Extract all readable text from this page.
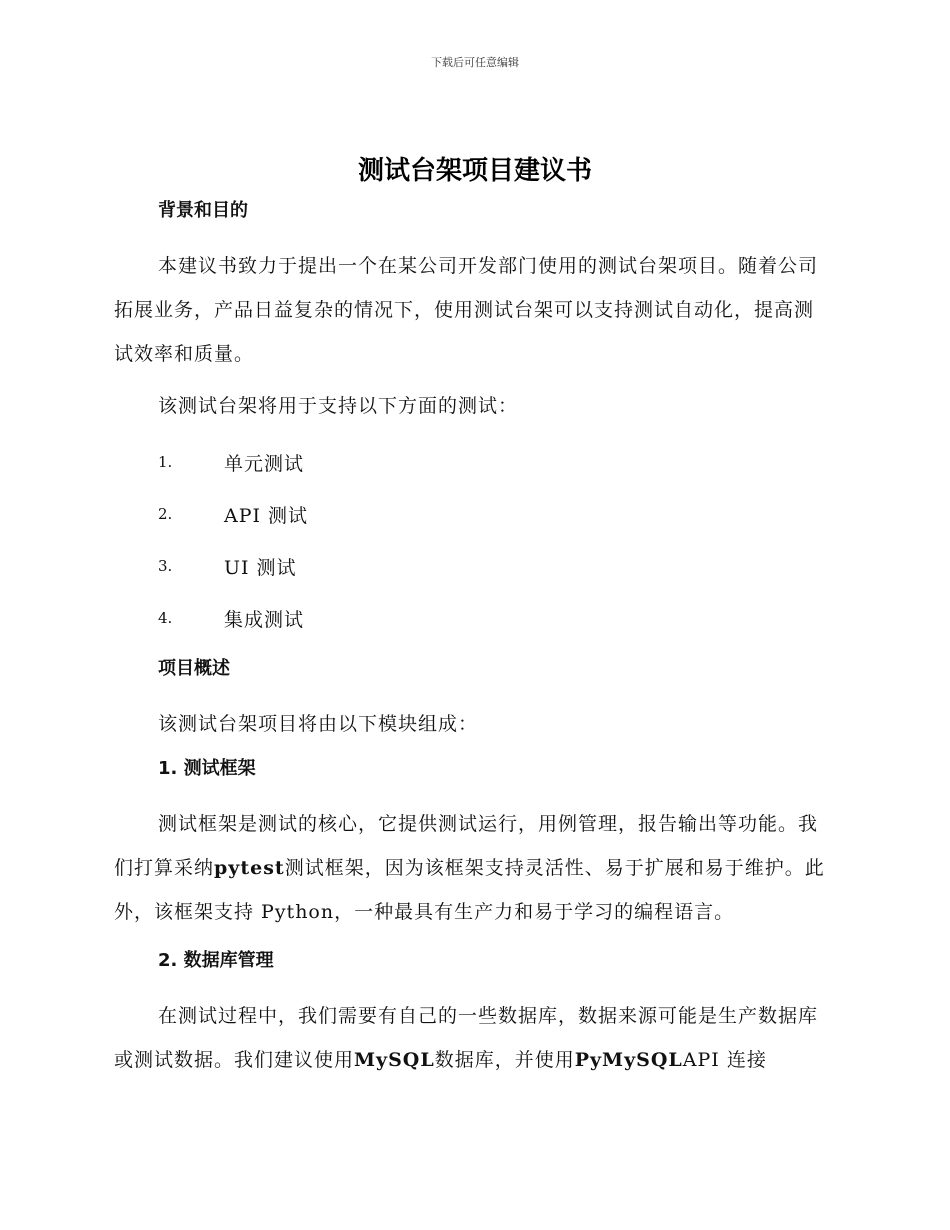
下载后可任意编辑
测试台架项目建议书
背景和目的

本建议书致力于提出一个在某公司开发部门使用的测试台架项目。随着公司拓展业务，产品日益复杂的情况下，使用测试台架可以支持测试自动化，提高测试效率和质量。

该测试台架将用于支持以下方面的测试：

1.	单元测试
2.	API 测试
3.	UI 测试
4.	集成测试
项目概述

该测试台架项目将由以下模块组成：

1. 测试框架

测试框架是测试的核心，它提供测试运行，用例管理，报告输出等功能。我们打算采纳pytest测试框架，因为该框架支持灵活性、易于扩展和易于维护。此外，该框架支持 Python，一种最具有生产力和易于学习的编程语言。

2. 数据库管理

在测试过程中，我们需要有自己的一些数据库，数据来源可能是生产数据库或测试数据。我们建议使用MySQL数据库，并使用PyMySQLAPI 连接
